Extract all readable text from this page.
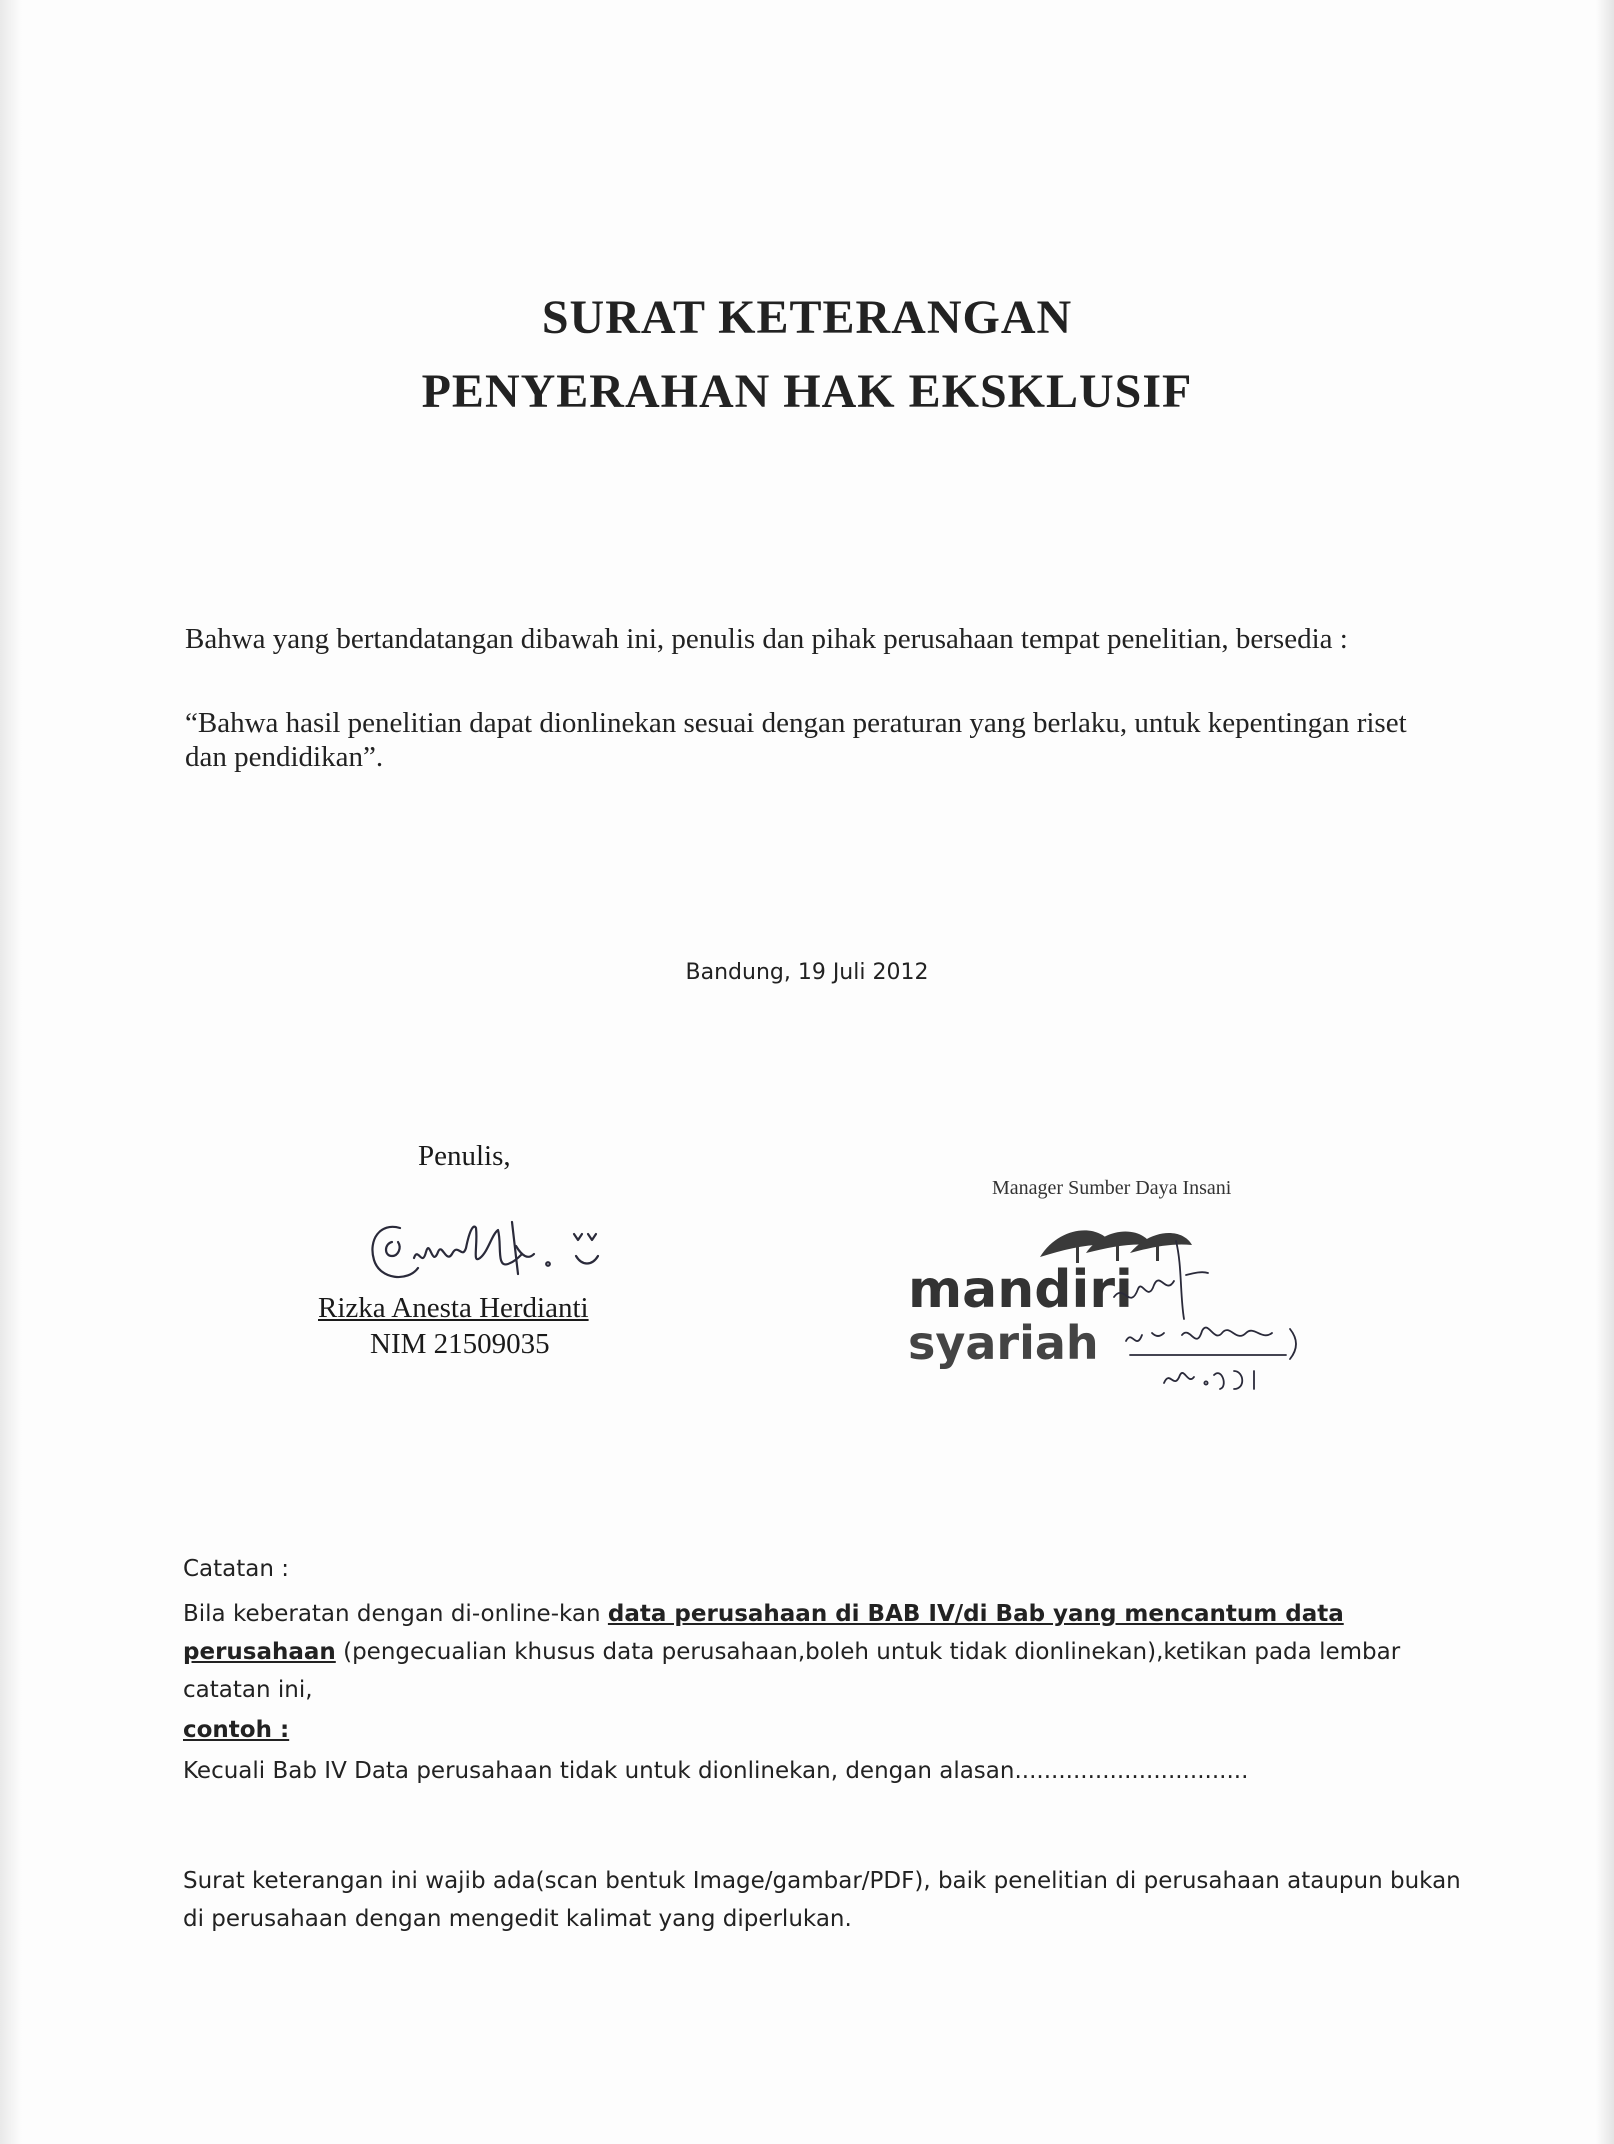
SURAT KETERANGAN
PENYERAHAN HAK EKSKLUSIF
Bahwa yang bertandatangan dibawah ini, penulis dan pihak perusahaan tempat penelitian, bersedia :
“Bahwa hasil penelitian dapat dionlinekan sesuai dengan peraturan yang berlaku, untuk kepentingan riset dan pendidikan”.
Bandung, 19 Juli 2012
Penulis,
Rizka Anesta Herdianti
NIM 21509035
Manager Sumber Daya Insani
mandiri
syariah
Catatan :
Bila keberatan dengan di-online-kan data perusahaan di BAB IV/di Bab yang mencantum data perusahaan (pengecualian khusus data perusahaan,boleh untuk tidak dionlinekan),ketikan pada lembar catatan ini,
contoh :
Kecuali Bab IV Data perusahaan tidak untuk dionlinekan, dengan alasan................................
Surat keterangan ini wajib ada(scan bentuk Image/gambar/PDF), baik penelitian di perusahaan ataupun bukan di perusahaan dengan mengedit kalimat yang diperlukan.
